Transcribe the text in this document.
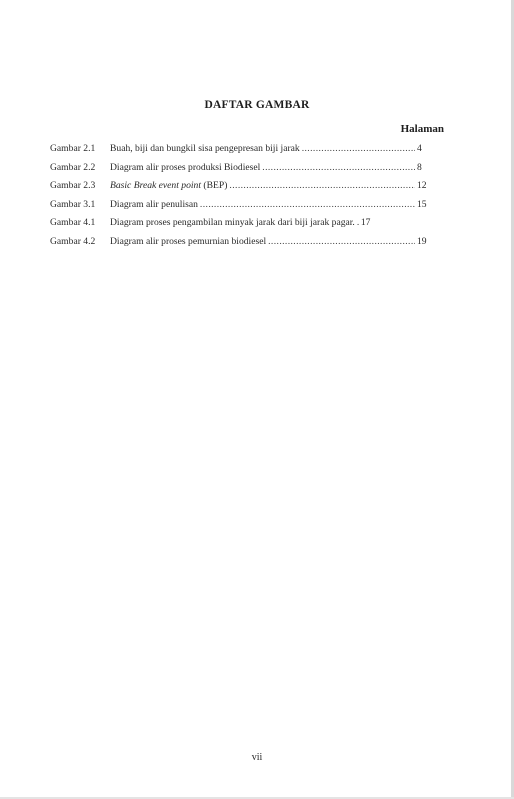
DAFTAR GAMBAR
Halaman
Gambar 2.1	Buah, biji dan bungkil sisa pengepresan biji jarak .....	4
Gambar 2.2	Diagram alir proses produksi Biodiesel .....	8
Gambar 2.3	Basic Break event point (BEP) .....	12
Gambar 3.1	Diagram alir penulisan .....	15
Gambar 4.1	Diagram proses pengambilan minyak jarak dari biji jarak pagar. ..... 17
Gambar 4.2	Diagram alir proses pemurnian biodiesel .....	19
vii
